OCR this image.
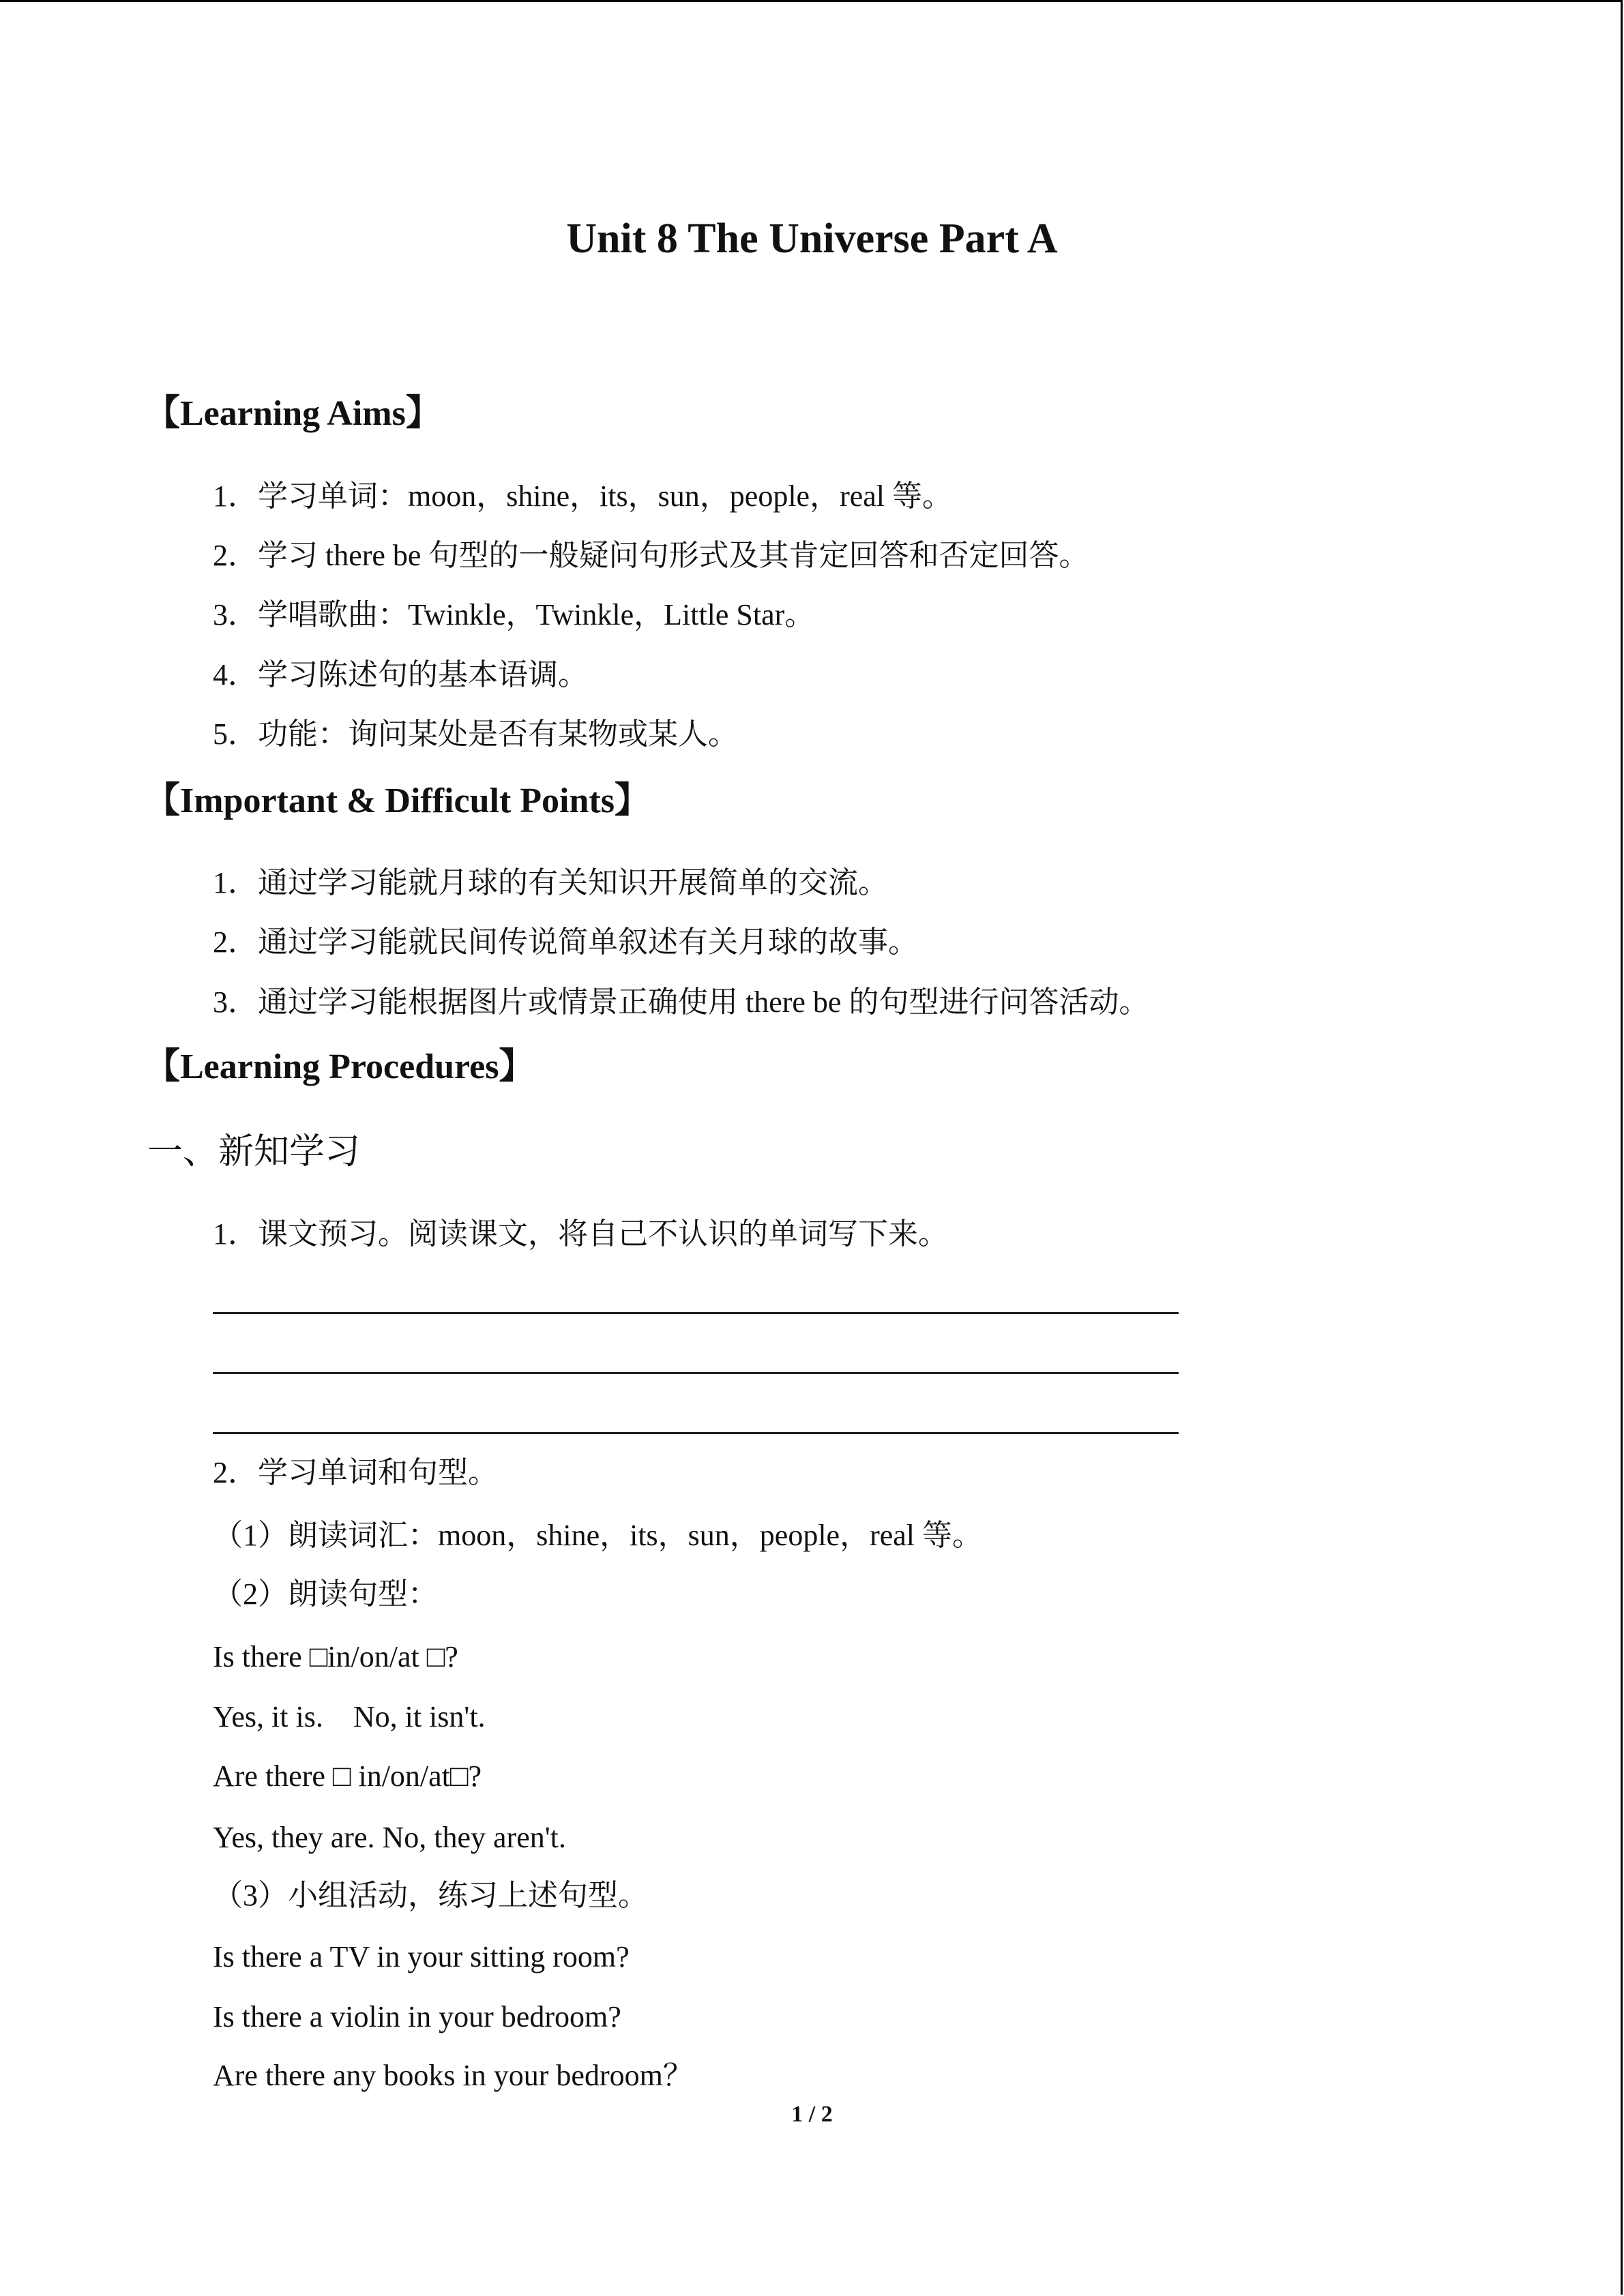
Unit 8 The Universe Part A
【Learning Aims】
1．学习单词：moon，shine，its，sun，people，real 等。
2．学习 there be 句型的一般疑问句形式及其肯定回答和否定回答。
3．学唱歌曲：Twinkle，Twinkle，Little Star。
4．学习陈述句的基本语调。
5．功能：询问某处是否有某物或某人。
【Important & Difficult Points】
1．通过学习能就月球的有关知识开展简单的交流。
2．通过学习能就民间传说简单叙述有关月球的故事。
3．通过学习能根据图片或情景正确使用 there be 的句型进行问答活动。
【Learning Procedures】
一、新知学习
1．课文预习。阅读课文，将自己不认识的单词写下来。
2．学习单词和句型。
（1）朗读词汇：moon，shine，its，sun，people，real 等。
（2）朗读句型：
Is there □in/on/at □?
Yes, it is.    No, it isn't.
Are there □ in/on/at□?
Yes, they are. No, they aren't.
（3）小组活动，练习上述句型。
Is there a TV in your sitting room?
Is there a violin in your bedroom?
Are there any books in your bedroom？
1 / 2
